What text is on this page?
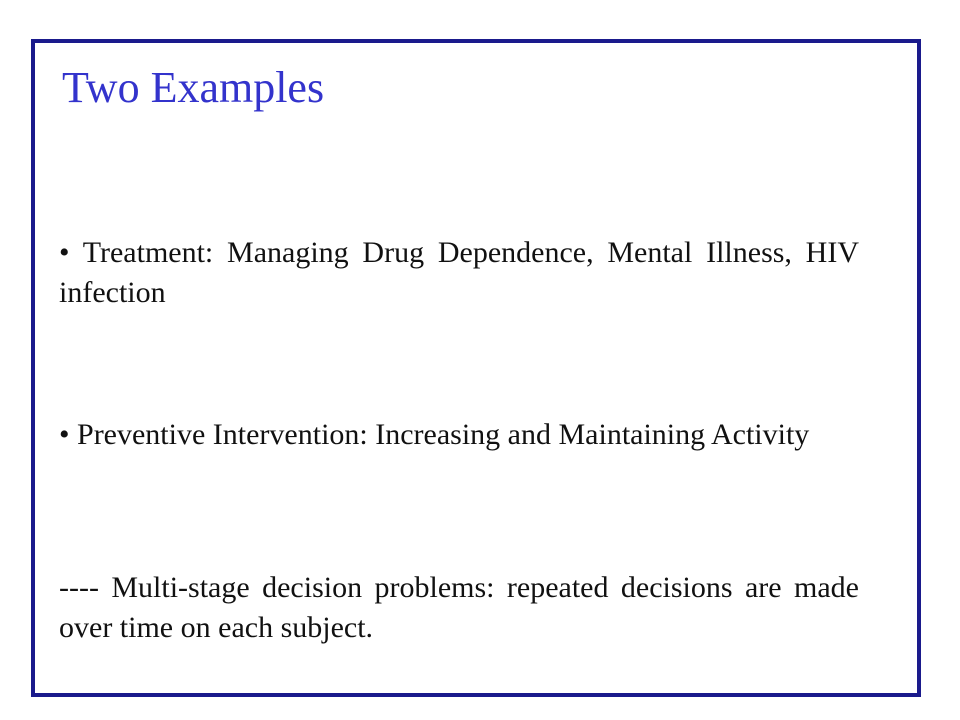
Two Examples

• Treatment: Managing Drug Dependence, Mental Illness, HIV infection

• Preventive Intervention: Increasing and Maintaining Activity

---- Multi-stage decision problems: repeated decisions are made over time on each subject.
